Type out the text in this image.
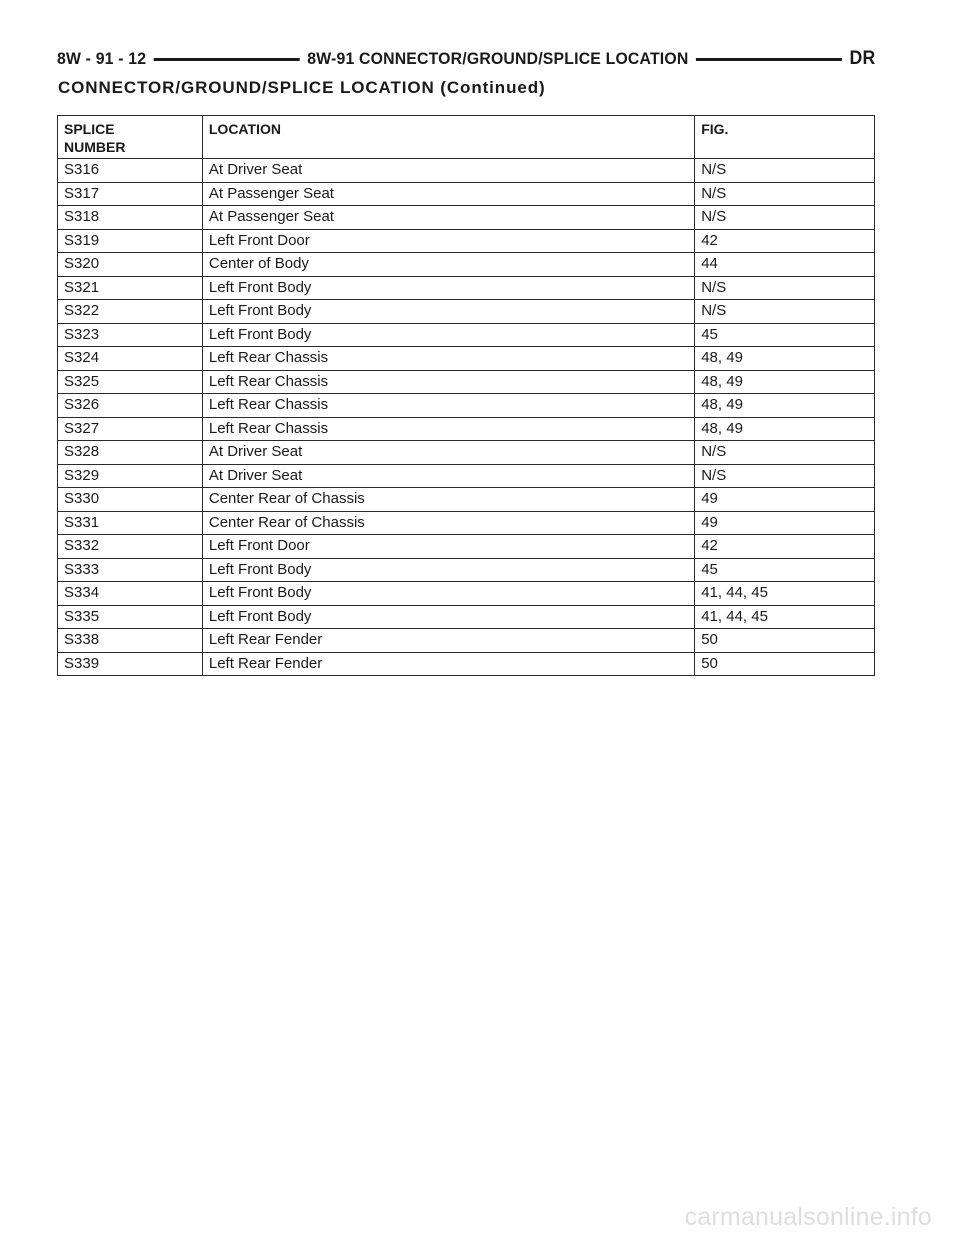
8W - 91 - 12	8W-91 CONNECTOR/GROUND/SPLICE LOCATION	DR
CONNECTOR/GROUND/SPLICE LOCATION (Continued)
SPLICE NUMBER	LOCATION	FIG.
S316	At Driver Seat	N/S
S317	At Passenger Seat	N/S
S318	At Passenger Seat	N/S
S319	Left Front Door	42
S320	Center of Body	44
S321	Left Front Body	N/S
S322	Left Front Body	N/S
S323	Left Front Body	45
S324	Left Rear Chassis	48, 49
S325	Left Rear Chassis	48, 49
S326	Left Rear Chassis	48, 49
S327	Left Rear Chassis	48, 49
S328	At Driver Seat	N/S
S329	At Driver Seat	N/S
S330	Center Rear of Chassis	49
S331	Center Rear of Chassis	49
S332	Left Front Door	42
S333	Left Front Body	45
S334	Left Front Body	41, 44, 45
S335	Left Front Body	41, 44, 45
S338	Left Rear Fender	50
S339	Left Rear Fender	50
carmanualsonline.info
